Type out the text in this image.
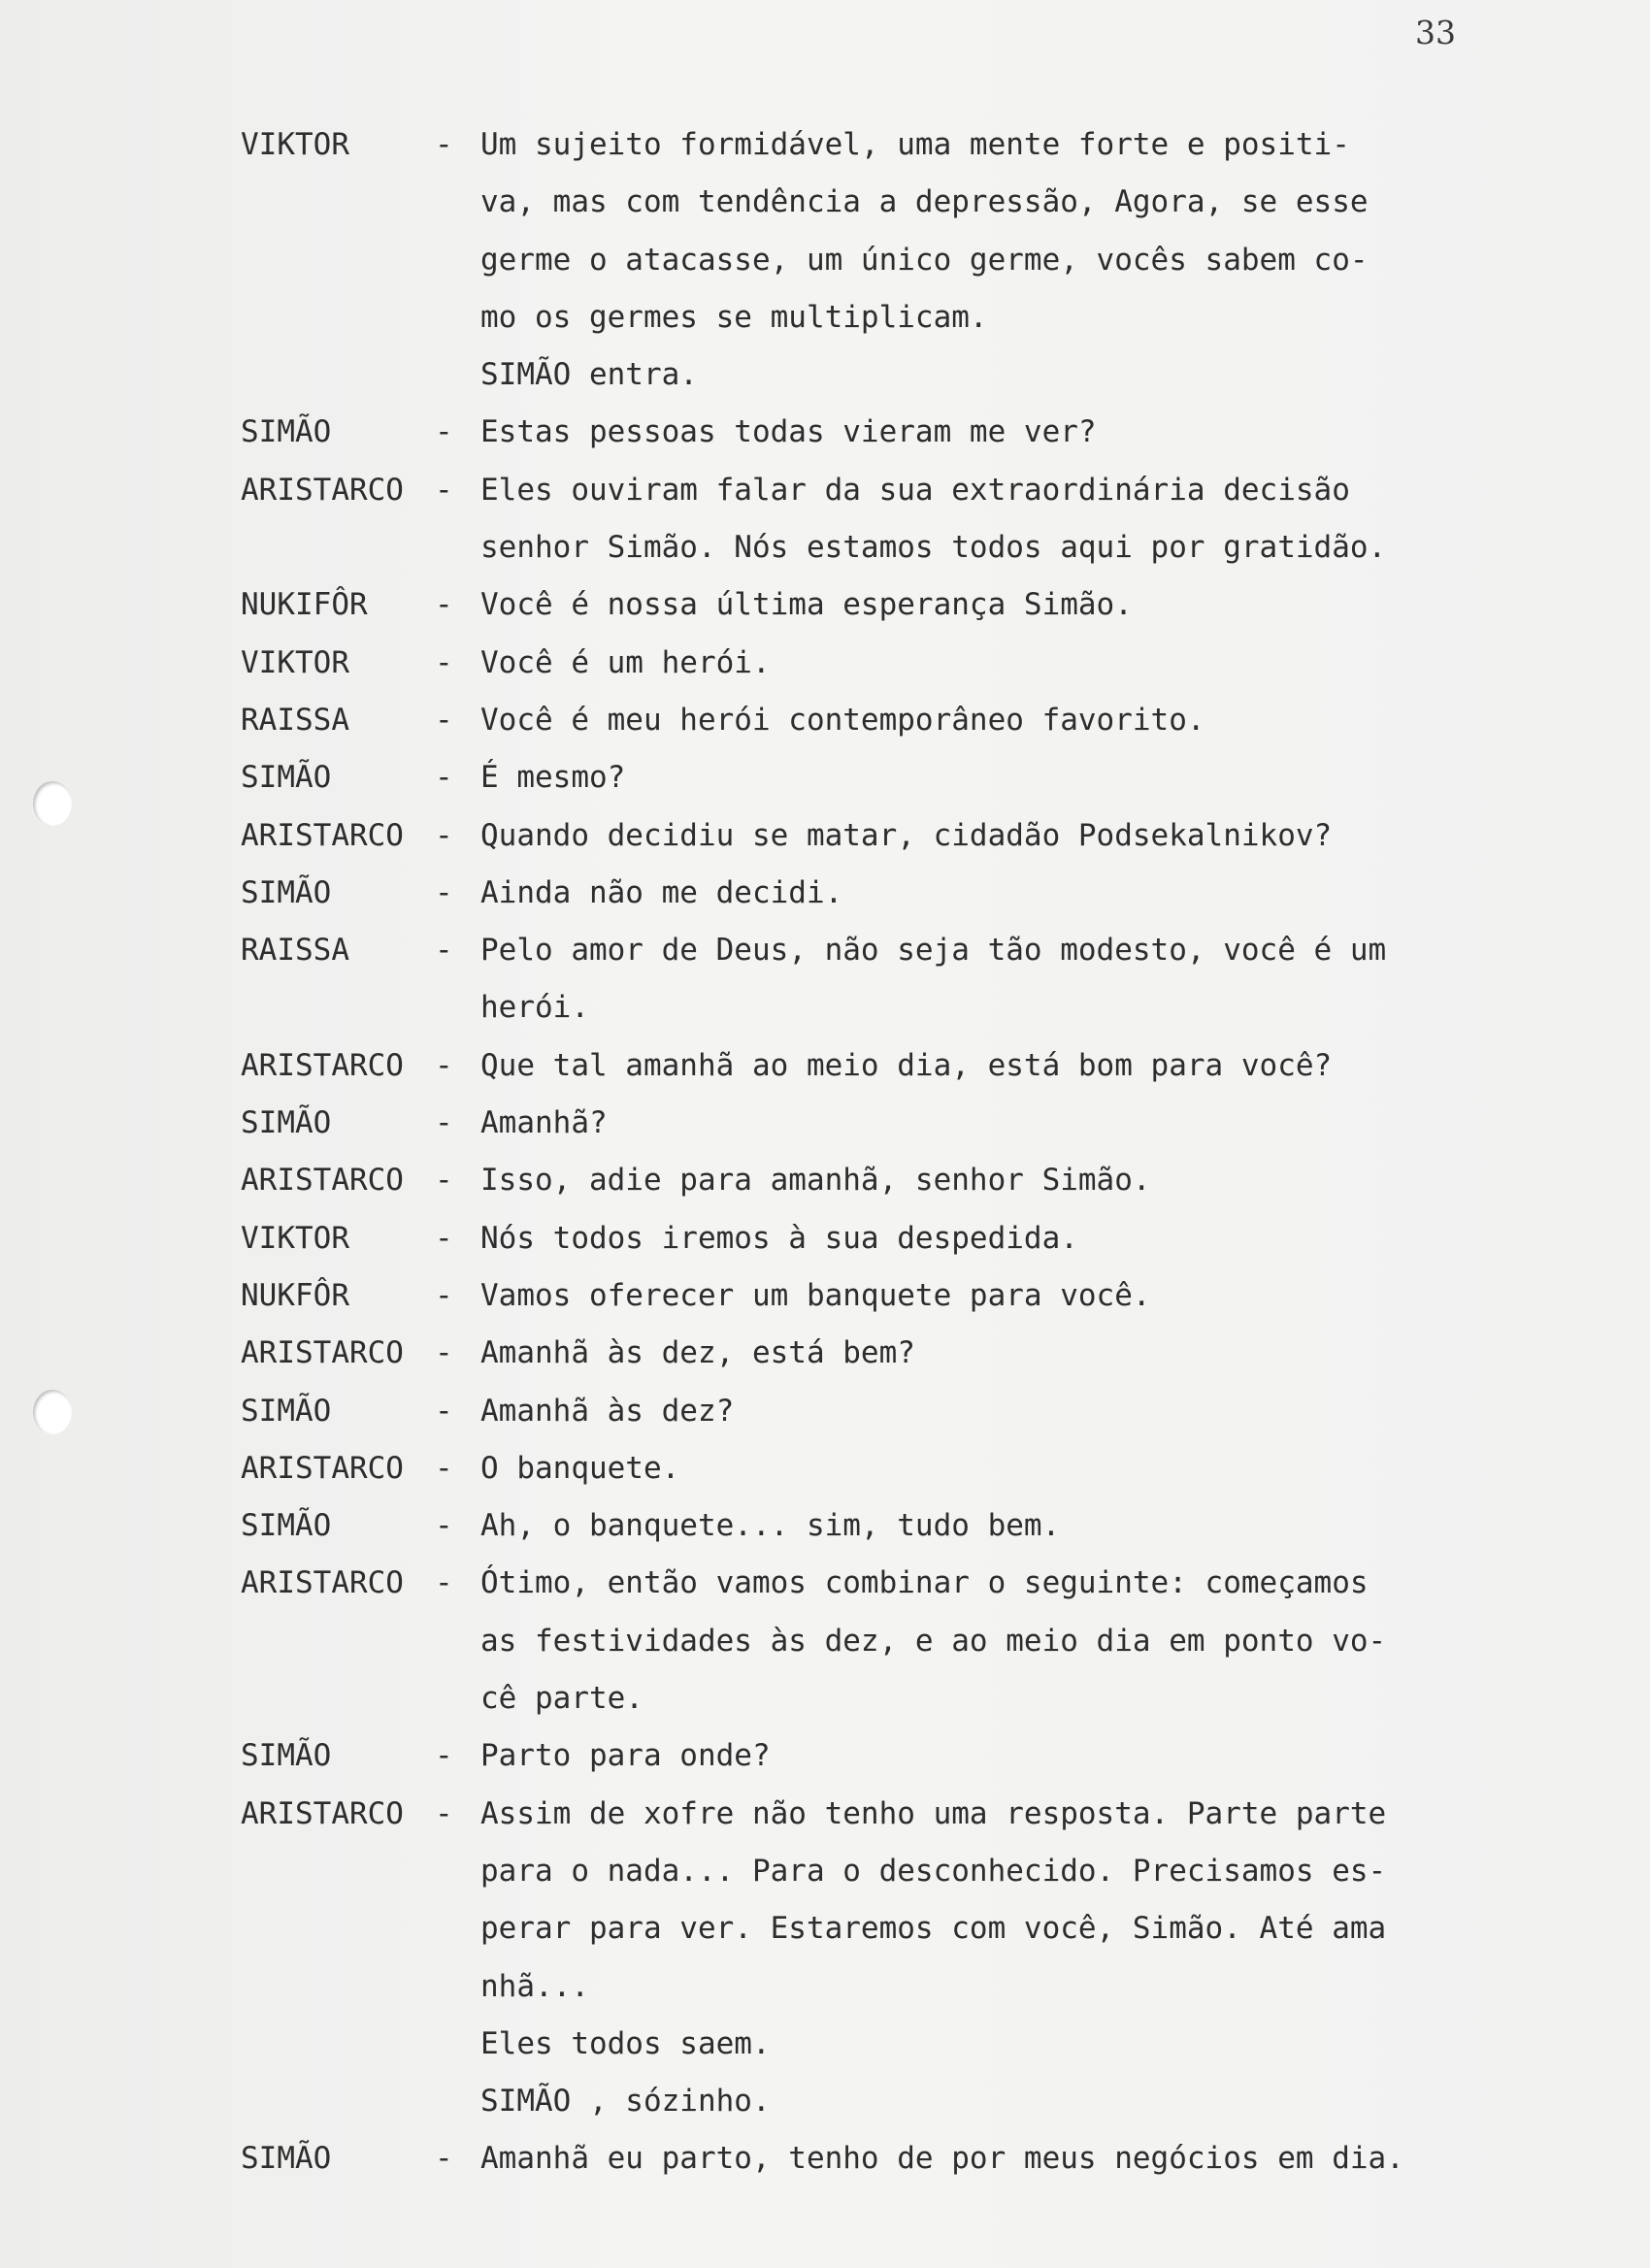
33
VIKTOR	- Um sujeito formidável, uma mente forte e positi-
va, mas com tendência a depressão, Agora, se esse
germe o atacasse, um único germe, vocês sabem co-
mo os germes se multiplicam.
SIMÃO entra.
SIMÃO	- Estas pessoas todas vieram me ver?
ARISTARCO	- Eles ouviram falar da sua extraordinária decisão
senhor Simão. Nós estamos todos aqui por gratidão.
NUKIFÔR	- Você é nossa última esperança Simão.
VIKTOR	- Você é um herói.
RAISSA	- Você é meu herói contemporâneo favorito.
SIMÃO	- É mesmo?
ARISTARCO	- Quando decidiu se matar, cidadão Podsekalnikov?
SIMÃO	- Ainda não me decidi.
RAISSA	- Pelo amor de Deus, não seja tão modesto, você é um
herói.
ARISTARCO	- Que tal amanhã ao meio dia, está bom para você?
SIMÃO	- Amanhã?
ARISTARCO	- Isso, adie para amanhã, senhor Simão.
VIKTOR	- Nós todos iremos à sua despedida.
NUKFÔR	- Vamos oferecer um banquete para você.
ARISTARCO	- Amanhã às dez, está bem?
SIMÃO	- Amanhã às dez?
ARISTARCO	- O banquete.
SIMÃO	- Ah, o banquete... sim, tudo bem.
ARISTARCO	- Ótimo, então vamos combinar o seguinte: começamos
as festividades às dez, e ao meio dia em ponto vo-
cê parte.
SIMÃO	- Parto para onde?
ARISTARCO	- Assim de xofre não tenho uma resposta. Parte parte
para o nada... Para o desconhecido. Precisamos es-
perar para ver. Estaremos com você, Simão. Até ama
nhã...
Eles todos saem.
SIMÃO , sózinho.
SIMÃO	- Amanhã eu parto, tenho de por meus negócios em dia.
